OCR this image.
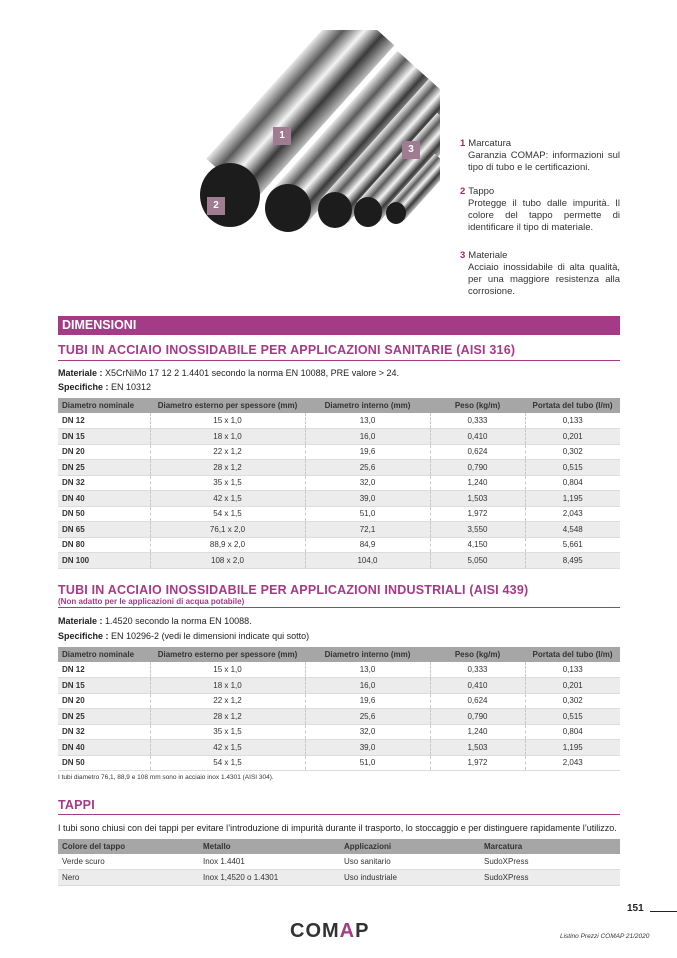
1
2
3
1 Marcatura
Garanzia COMAP: informazioni sul tipo di tubo e le certificazioni.
2 Tappo
Protegge il tubo dalle impurità. Il colore del tappo permette di identificare il tipo di materiale.
3 Materiale
Acciaio inossidabile di alta qualità, per una maggiore resistenza alla corrosione.
DIMENSIONI
TUBI IN ACCIAIO INOSSIDABILE PER APPLICAZIONI SANITARIE (AISI 316)
Materiale : X5CrNiMo 17 12 2 1.4401 secondo la norma EN 10088, PRE valore > 24.
Specifiche : EN 10312
Diametro nominale	Diametro esterno per spessore (mm)	Diametro interno (mm)	Peso (kg/m)	Portata del tubo (l/m)
DN 12	15 x 1,0	13,0	0,333	0,133
DN 15	18 x 1,0	16,0	0,410	0,201
DN 20	22 x 1,2	19,6	0,624	0,302
DN 25	28 x 1,2	25,6	0,790	0,515
DN 32	35 x 1,5	32,0	1,240	0,804
DN 40	42 x 1,5	39,0	1,503	1,195
DN 50	54 x 1,5	51,0	1,972	2,043
DN 65	76,1 x 2,0	72,1	3,550	4,548
DN 80	88,9 x 2,0	84,9	4,150	5,661
DN 100	108 x 2,0	104,0	5,050	8,495
TUBI IN ACCIAIO INOSSIDABILE PER APPLICAZIONI INDUSTRIALI (AISI 439)
(Non adatto per le applicazioni di acqua potabile)
Materiale : 1.4520 secondo la norma EN 10088.
Specifiche : EN 10296-2 (vedi le dimensioni indicate qui sotto)
Diametro nominale	Diametro esterno per spessore (mm)	Diametro interno (mm)	Peso (kg/m)	Portata del tubo (l/m)
DN 12	15 x 1,0	13,0	0,333	0,133
DN 15	18 x 1,0	16,0	0,410	0,201
DN 20	22 x 1,2	19,6	0,624	0,302
DN 25	28 x 1,2	25,6	0,790	0,515
DN 32	35 x 1,5	32,0	1,240	0,804
DN 40	42 x 1,5	39,0	1,503	1,195
DN 50	54 x 1,5	51,0	1,972	2,043
I tubi diametro 76,1, 88,9 e 108 mm sono in acciaio inox 1.4301 (AISI 304).
TAPPI
I tubi sono chiusi con dei tappi per evitare l’introduzione di impurità durante il trasporto, lo stoccaggio e per distinguere rapidamente l’utilizzo.
Colore del tappo	Metallo	Applicazioni	Marcatura
Verde scuro	Inox 1.4401	Uso sanitario	SudoXPress
Nero	Inox 1,4520 o 1.4301	Uso industriale	SudoXPress
151
COMAP	Listino Prezzi COMAP 21/2020
